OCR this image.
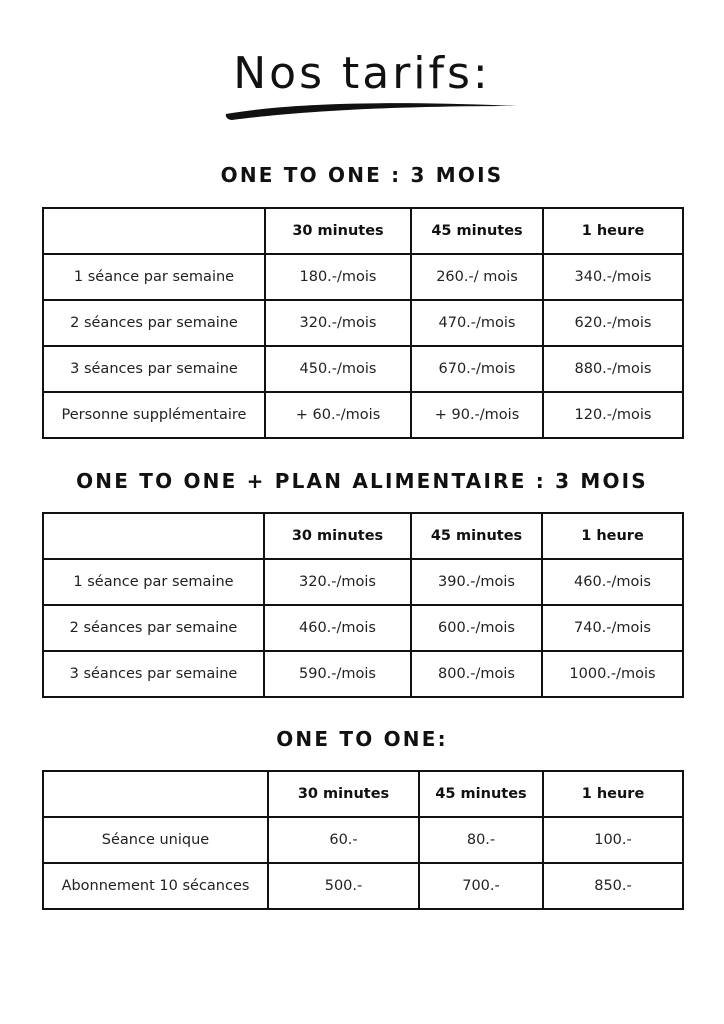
Nos tarifs:
ONE TO ONE : 3 MOIS
	30 minutes	45 minutes	1 heure
1 séance par semaine	180.-/mois	260.-/ mois	340.-/mois
2 séances par semaine	320.-/mois	470.-/mois	620.-/mois
3 séances par semaine	450.-/mois	670.-/mois	880.-/mois
Personne supplémentaire	+ 60.-/mois	+ 90.-/mois	120.-/mois
ONE TO ONE + PLAN ALIMENTAIRE : 3 MOIS
	30 minutes	45 minutes	1 heure
1 séance par semaine	320.-/mois	390.-/mois	460.-/mois
2 séances par semaine	460.-/mois	600.-/mois	740.-/mois
3 séances par semaine	590.-/mois	800.-/mois	1000.-/mois
ONE TO ONE:
	30 minutes	45 minutes	1 heure
Séance unique	60.-	80.-	100.-
Abonnement 10 sécances	500.-	700.-	850.-
